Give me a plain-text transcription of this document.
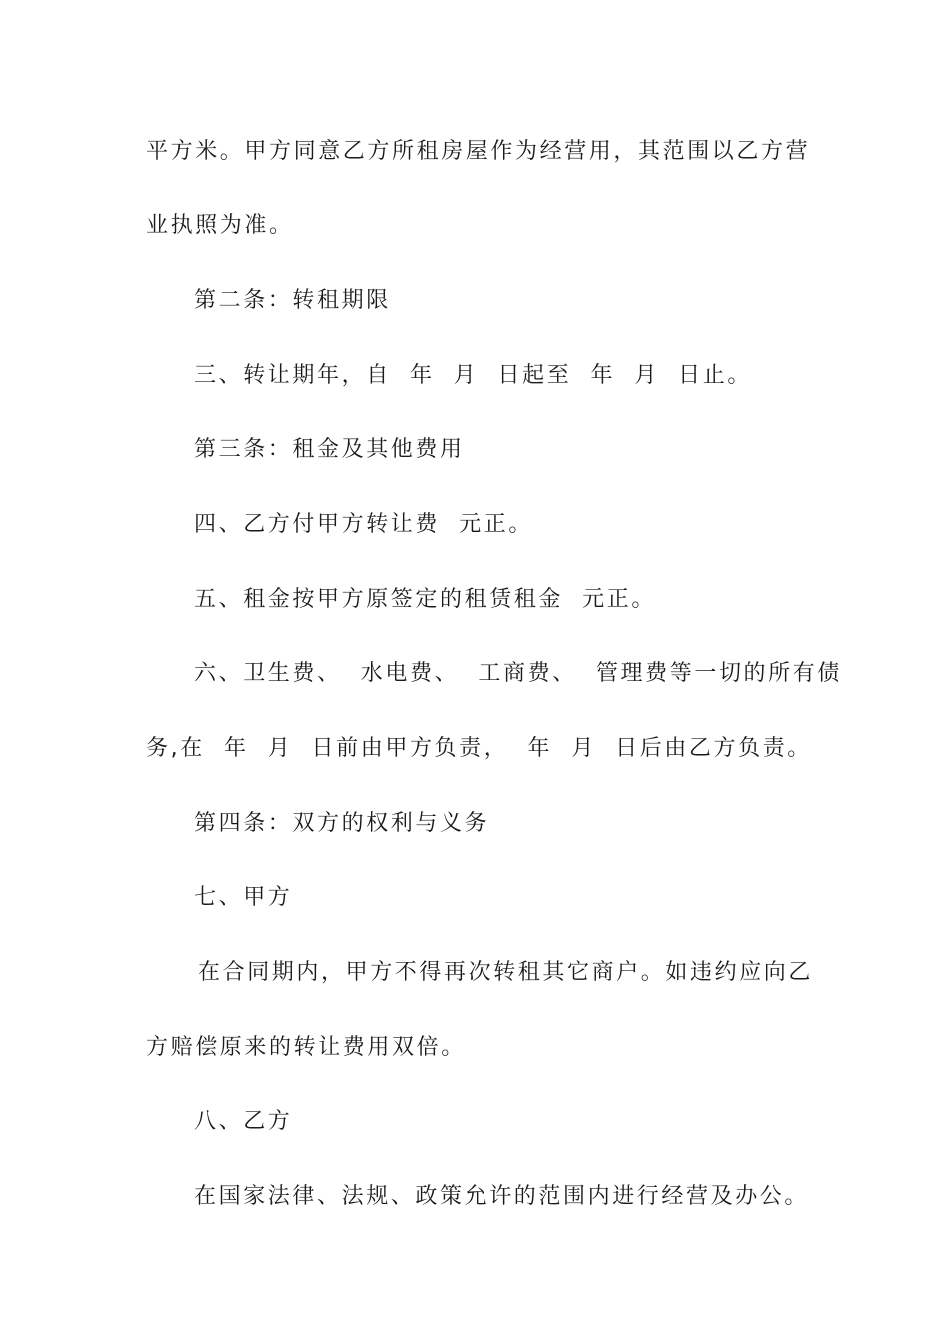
平方米。甲方同意乙方所租房屋作为经营用，其范围以乙方营
业执照为准。
第二条：转租期限
三、转让期年，自  年  月  日起至  年  月  日止。
第三条：租金及其他费用
四、乙方付甲方转让费  元正。
五、租金按甲方原签定的租赁租金  元正。
六、卫生费、  水电费、  工商费、  管理费等一切的所有债
务,在  年  月  日前由甲方负责，  年  月  日后由乙方负责。
第四条：双方的权利与义务
七、甲方
在合同期内，甲方不得再次转租其它商户。如违约应向乙
方赔偿原来的转让费用双倍。
八、乙方
在国家法律、法规、政策允许的范围内进行经营及办公。
